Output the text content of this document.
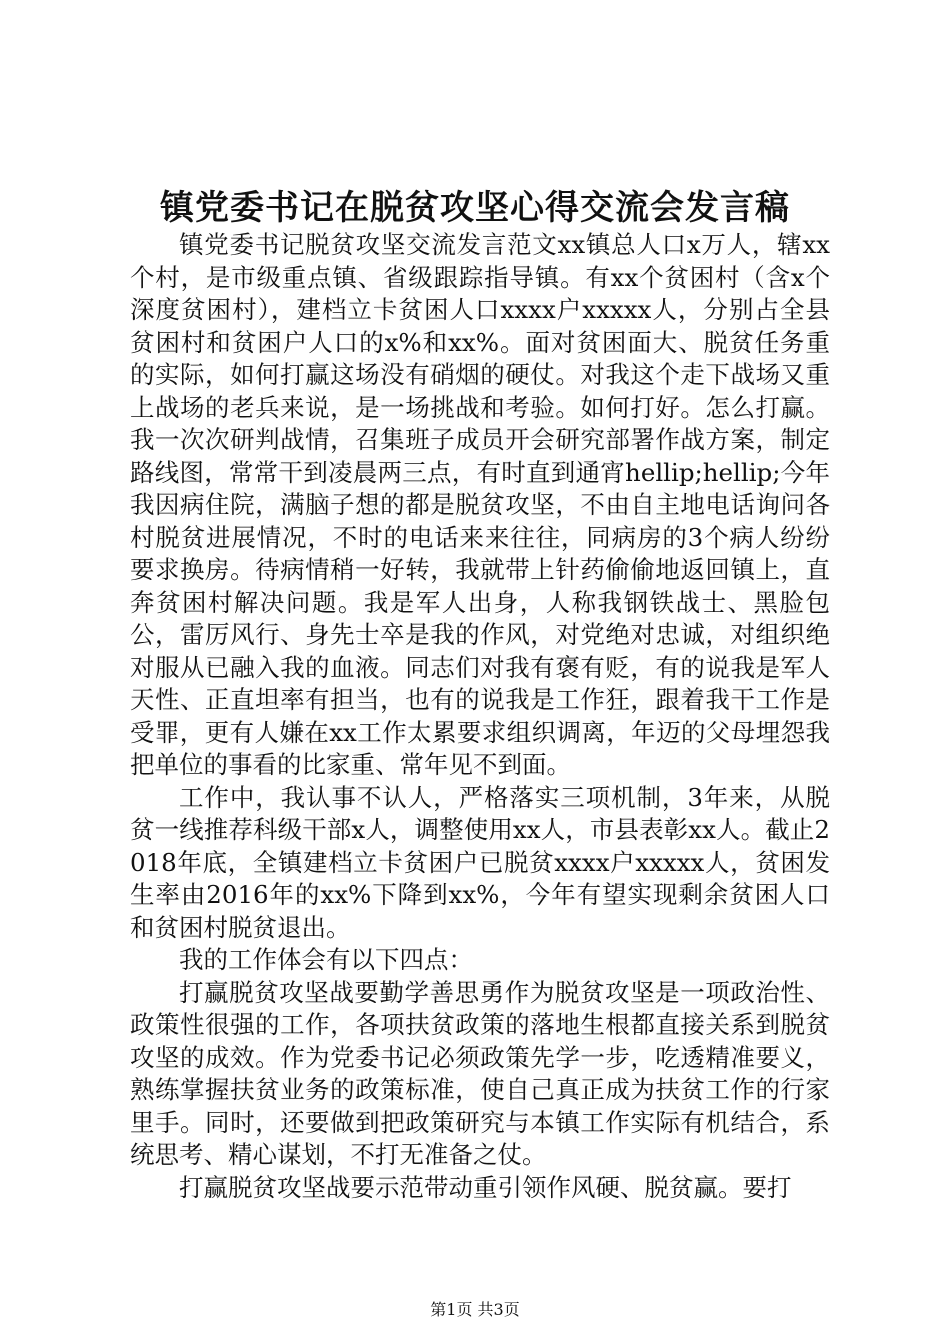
镇党委书记在脱贫攻坚心得交流会发言稿

镇党委书记脱贫攻坚交流发言范文xx镇总人口x万人，辖xx个村，是市级重点镇、省级跟踪指导镇。有xx个贫困村（含x个深度贫困村），建档立卡贫困人口xxxx户xxxxx人，分别占全县贫困村和贫困户人口的x%和xx%。面对贫困面大、脱贫任务重的实际，如何打赢这场没有硝烟的硬仗。对我这个走下战场又重上战场的老兵来说，是一场挑战和考验。如何打好。怎么打赢。我一次次研判战情，召集班子成员开会研究部署作战方案，制定路线图，常常干到凌晨两三点，有时直到通宵hellip;hellip;今年我因病住院，满脑子想的都是脱贫攻坚，不由自主地电话询问各村脱贫进展情况，不时的电话来来往往，同病房的3个病人纷纷要求换房。待病情稍一好转，我就带上针药偷偷地返回镇上，直奔贫困村解决问题。我是军人出身，人称我钢铁战士、黑脸包公，雷厉风行、身先士卒是我的作风，对党绝对忠诚，对组织绝对服从已融入我的血液。同志们对我有褒有贬，有的说我是军人天性、正直坦率有担当，也有的说我是工作狂，跟着我干工作是受罪，更有人嫌在xx工作太累要求组织调离，年迈的父母埋怨我把单位的事看的比家重、常年见不到面。

工作中，我认事不认人，严格落实三项机制，3年来，从脱贫一线推荐科级干部x人，调整使用xx人，市县表彰xx人。截止2018年底，全镇建档立卡贫困户已脱贫xxxx户xxxxx人，贫困发生率由2016年的xx%下降到xx%，今年有望实现剩余贫困人口和贫困村脱贫退出。

我的工作体会有以下四点：

打赢脱贫攻坚战要勤学善思勇作为脱贫攻坚是一项政治性、政策性很强的工作，各项扶贫政策的落地生根都直接关系到脱贫攻坚的成效。作为党委书记必须政策先学一步，吃透精准要义，熟练掌握扶贫业务的政策标准，使自己真正成为扶贫工作的行家里手。同时，还要做到把政策研究与本镇工作实际有机结合，系统思考、精心谋划，不打无准备之仗。

打赢脱贫攻坚战要示范带动重引领作风硬、脱贫赢。要打

第1页 共3页
